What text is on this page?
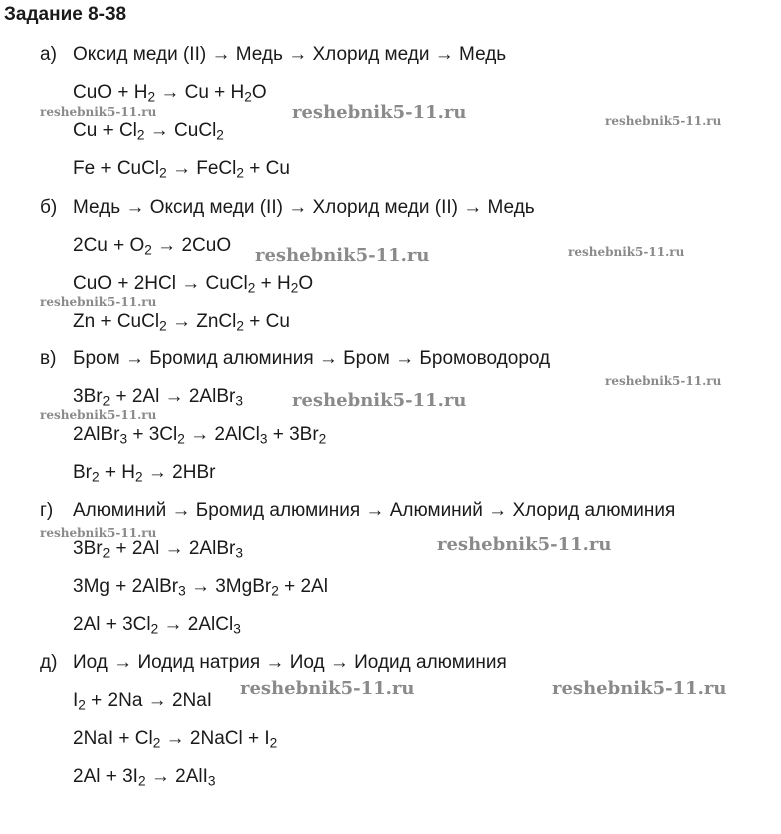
Задание 8-38
а) Оксид меди (II) → Медь → Хлорид меди → Медь
CuO + $H_2 \to Cu + H_2O$
$Cu + Cl_2$ → CuCl$_2$
Fe + CuCl$_2$ → FeCl$_2$ + Cu
б) Медь → Оксид меди (II) → Хлорид меди (II) → Медь
$2Cu + O_2 \to 2CuO$
CuO + 2HCl → CuCl$_2$ + $H_2O$
Zn + CuCl$_2$ → ZnCl$_2$ + Cu
в) Бром → Бромид алюминия → Бром → Бромоводород
$3Br_2 + 2Al$ → 2AlBr$_3$
2AlBr$_3$ + $3Cl_2$ → 2AlCl$_3$ + $3Br_2$
$Br_2 + H_2 \to 2HBr$
г) Алюминий → Бромид алюминия → Алюминий → Хлорид алюминия
$3Br_2 + 2Al$ → 2AlBr$_3$
3Mg + 2AlBr$_3$ → 3MgBr$_2$ + 2Al
$2Al + 3Cl_2$ → 2AlCl$_3$
д) Иод → Иодид натрия → Иод → Иодид алюминия
$I_2 + 2Na \to 2NaI$
$2NaI + Cl_2$ → 2NaCl + $I_2$
$2Al + 3I_2 \to 2AlI_3$
reshebnik5-11.ru	reshebnik5-11.ru	reshebnik5-11.ru
reshebnik5-11.ru	reshebnik5-11.ru
reshebnik5-11.ru
reshebnik5-11.ru
reshebnik5-11.ru
reshebnik5-11.ru
reshebnik5-11.ru
reshebnik5-11.ru
reshebnik5-11.ru	reshebnik5-11.ru
